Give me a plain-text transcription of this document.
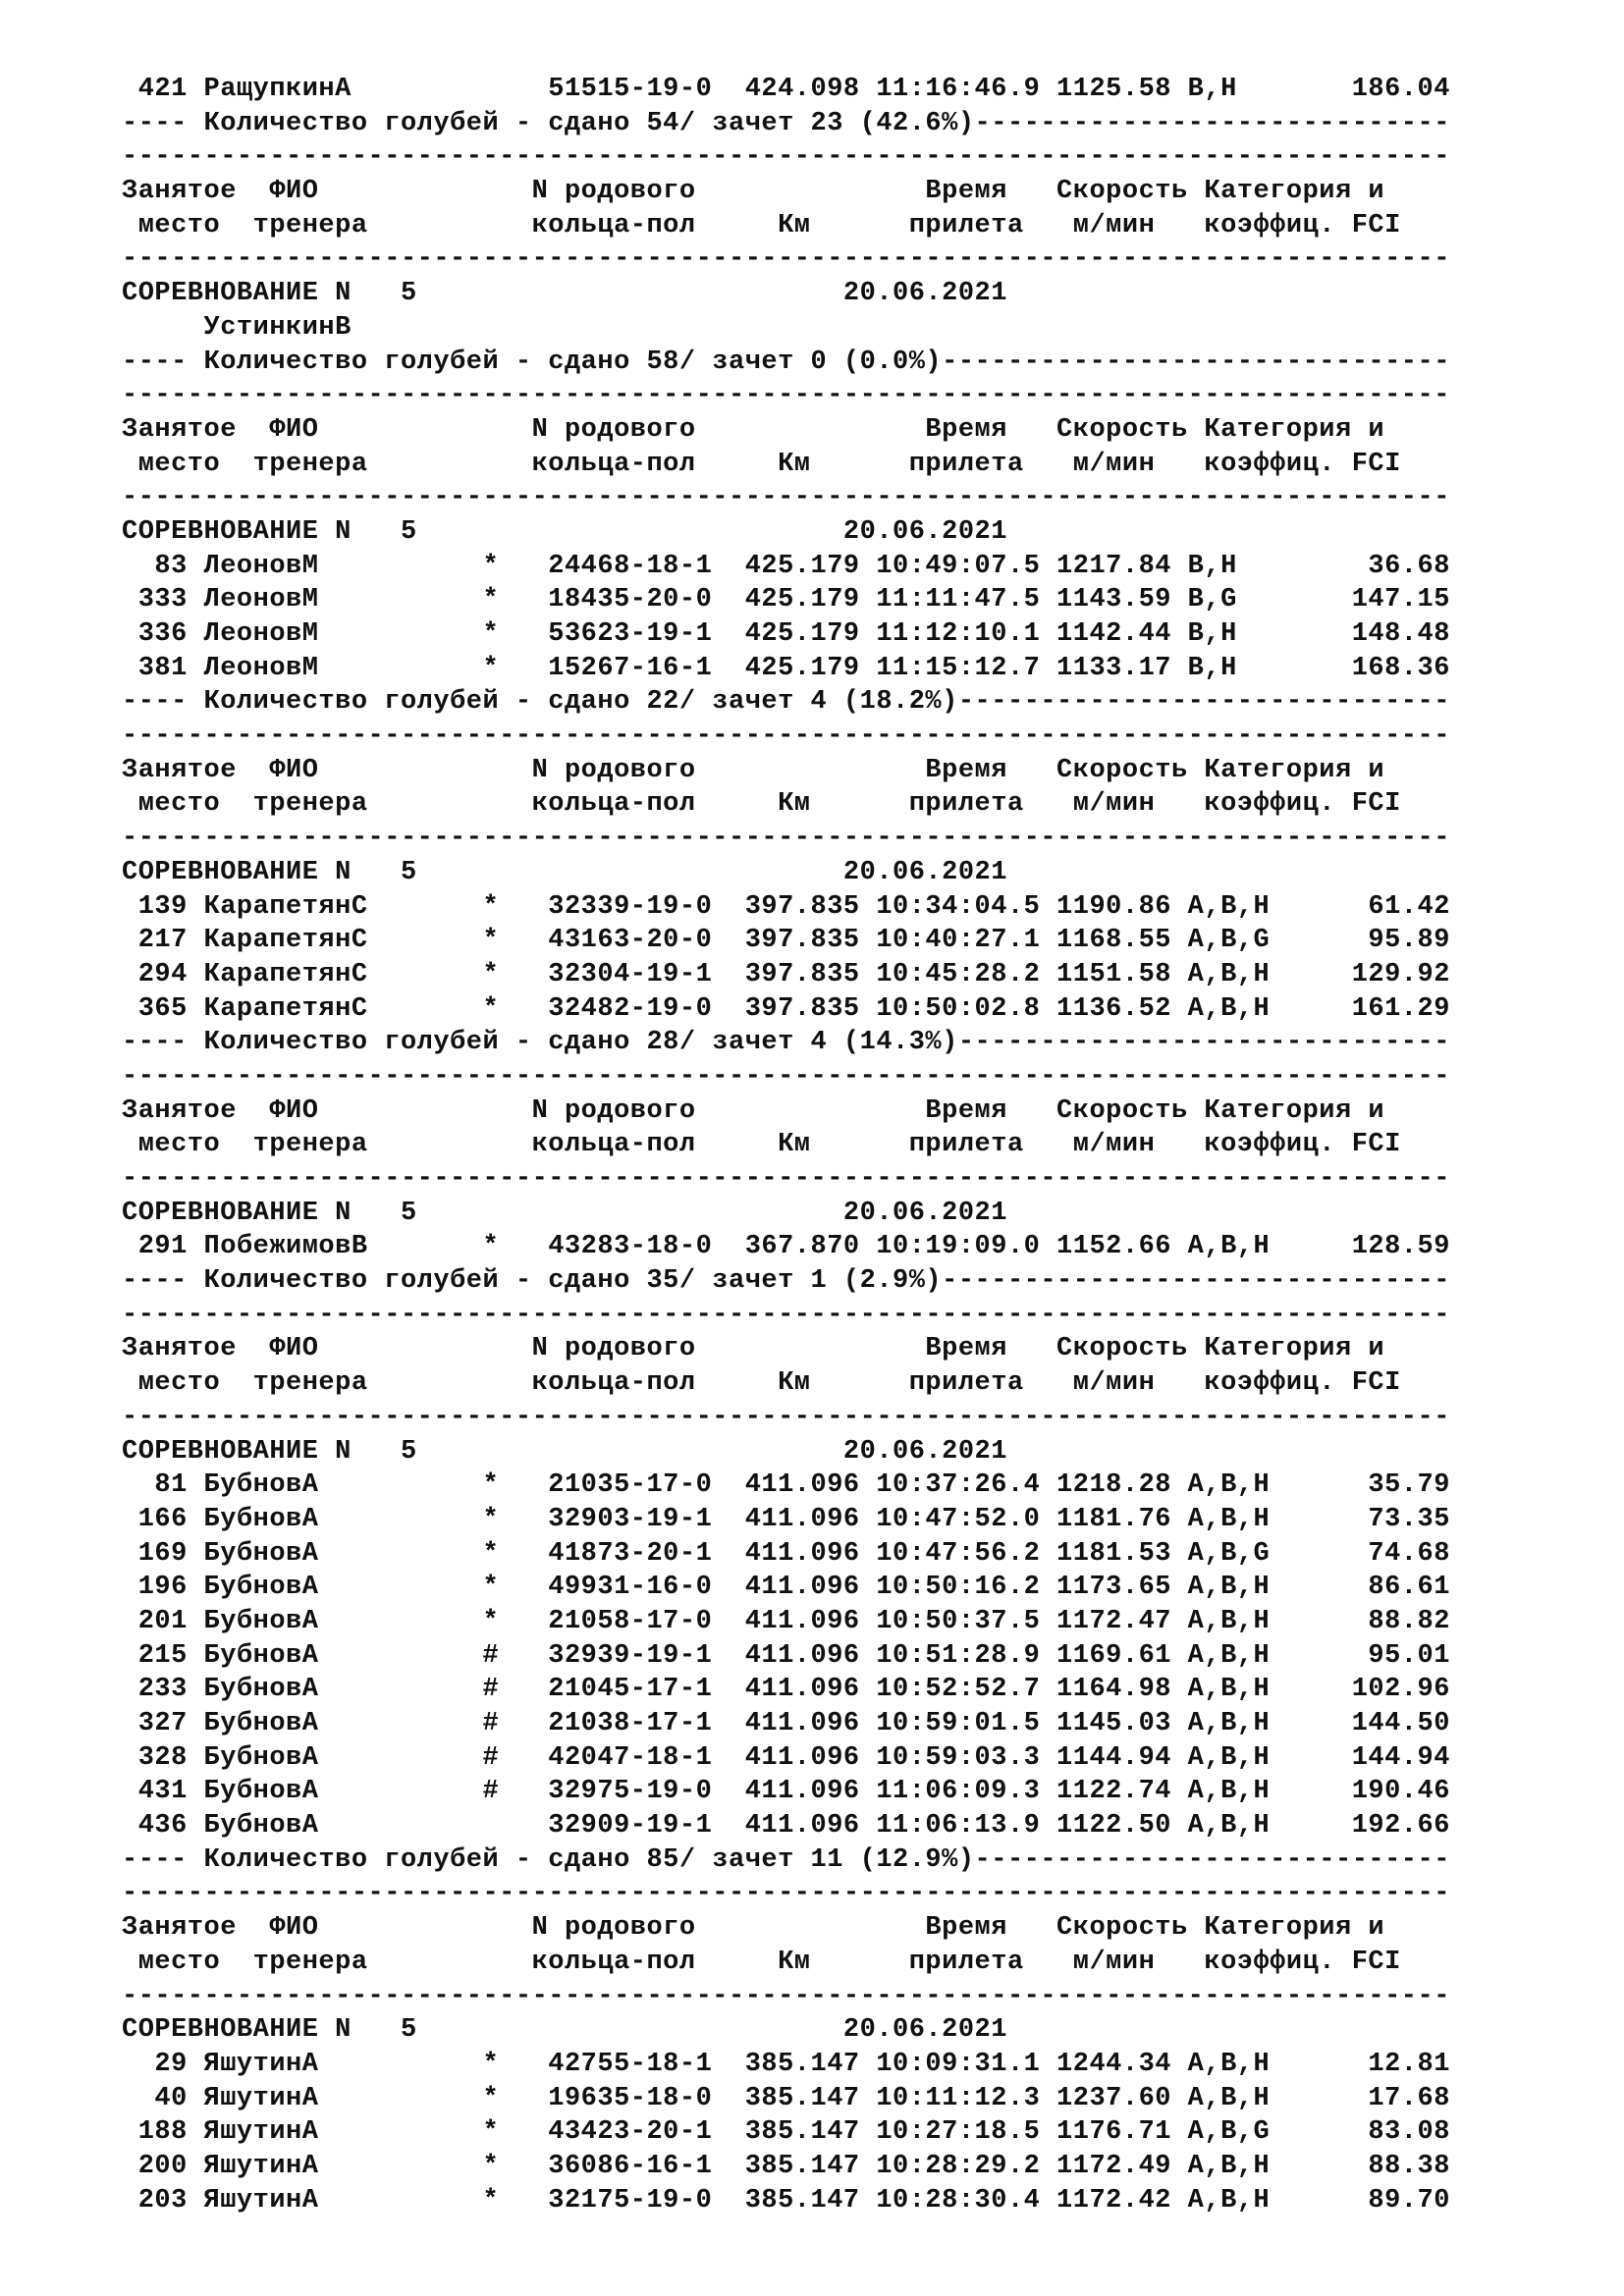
421 РащупкинА            51515-19-0  424.098 11:16:46.9 1125.58 B,H       186.04
---- Количество голубей - сдано 54/ зачет 23 (42.6%)-----------------------------
---------------------------------------------------------------------------------
Занятое  ФИО             N родового              Время   Скорость Категория и
место  тренера          кольца-пол     Км      прилета   м/мин   коэффиц. FCI
---------------------------------------------------------------------------------
СОРЕВНОВАНИЕ N   5                          20.06.2021
УстинкинВ
---- Количество голубей - сдано 58/ зачет 0 (0.0%)-------------------------------
---------------------------------------------------------------------------------
Занятое  ФИО             N родового              Время   Скорость Категория и
место  тренера          кольца-пол     Км      прилета   м/мин   коэффиц. FCI
---------------------------------------------------------------------------------
СОРЕВНОВАНИЕ N   5                          20.06.2021
83 ЛеоновМ          *   24468-18-1  425.179 10:49:07.5 1217.84 B,H        36.68
333 ЛеоновМ          *   18435-20-0  425.179 11:11:47.5 1143.59 B,G       147.15
336 ЛеоновМ          *   53623-19-1  425.179 11:12:10.1 1142.44 B,H       148.48
381 ЛеоновМ          *   15267-16-1  425.179 11:15:12.7 1133.17 B,H       168.36
---- Количество голубей - сдано 22/ зачет 4 (18.2%)------------------------------
---------------------------------------------------------------------------------
Занятое  ФИО             N родового              Время   Скорость Категория и
место  тренера          кольца-пол     Км      прилета   м/мин   коэффиц. FCI
---------------------------------------------------------------------------------
СОРЕВНОВАНИЕ N   5                          20.06.2021
139 КарапетянС       *   32339-19-0  397.835 10:34:04.5 1190.86 A,B,H      61.42
217 КарапетянС       *   43163-20-0  397.835 10:40:27.1 1168.55 A,B,G      95.89
294 КарапетянС       *   32304-19-1  397.835 10:45:28.2 1151.58 A,B,H     129.92
365 КарапетянС       *   32482-19-0  397.835 10:50:02.8 1136.52 A,B,H     161.29
---- Количество голубей - сдано 28/ зачет 4 (14.3%)------------------------------
---------------------------------------------------------------------------------
Занятое  ФИО             N родового              Время   Скорость Категория и
место  тренера          кольца-пол     Км      прилета   м/мин   коэффиц. FCI
---------------------------------------------------------------------------------
СОРЕВНОВАНИЕ N   5                          20.06.2021
291 ПобежимовВ       *   43283-18-0  367.870 10:19:09.0 1152.66 A,B,H     128.59
---- Количество голубей - сдано 35/ зачет 1 (2.9%)-------------------------------
---------------------------------------------------------------------------------
Занятое  ФИО             N родового              Время   Скорость Категория и
место  тренера          кольца-пол     Км      прилета   м/мин   коэффиц. FCI
---------------------------------------------------------------------------------
СОРЕВНОВАНИЕ N   5                          20.06.2021
81 БубновА          *   21035-17-0  411.096 10:37:26.4 1218.28 A,B,H      35.79
166 БубновА          *   32903-19-1  411.096 10:47:52.0 1181.76 A,B,H      73.35
169 БубновА          *   41873-20-1  411.096 10:47:56.2 1181.53 A,B,G      74.68
196 БубновА          *   49931-16-0  411.096 10:50:16.2 1173.65 A,B,H      86.61
201 БубновА          *   21058-17-0  411.096 10:50:37.5 1172.47 A,B,H      88.82
215 БубновА          #   32939-19-1  411.096 10:51:28.9 1169.61 A,B,H      95.01
233 БубновА          #   21045-17-1  411.096 10:52:52.7 1164.98 A,B,H     102.96
327 БубновА          #   21038-17-1  411.096 10:59:01.5 1145.03 A,B,H     144.50
328 БубновА          #   42047-18-1  411.096 10:59:03.3 1144.94 A,B,H     144.94
431 БубновА          #   32975-19-0  411.096 11:06:09.3 1122.74 A,B,H     190.46
436 БубновА              32909-19-1  411.096 11:06:13.9 1122.50 A,B,H     192.66
---- Количество голубей - сдано 85/ зачет 11 (12.9%)-----------------------------
---------------------------------------------------------------------------------
Занятое  ФИО             N родового              Время   Скорость Категория и
место  тренера          кольца-пол     Км      прилета   м/мин   коэффиц. FCI
---------------------------------------------------------------------------------
СОРЕВНОВАНИЕ N   5                          20.06.2021
29 ЯшутинА          *   42755-18-1  385.147 10:09:31.1 1244.34 A,B,H      12.81
40 ЯшутинА          *   19635-18-0  385.147 10:11:12.3 1237.60 A,B,H      17.68
188 ЯшутинА          *   43423-20-1  385.147 10:27:18.5 1176.71 A,B,G      83.08
200 ЯшутинА          *   36086-16-1  385.147 10:28:29.2 1172.49 A,B,H      88.38
203 ЯшутинА          *   32175-19-0  385.147 10:28:30.4 1172.42 A,B,H      89.70
